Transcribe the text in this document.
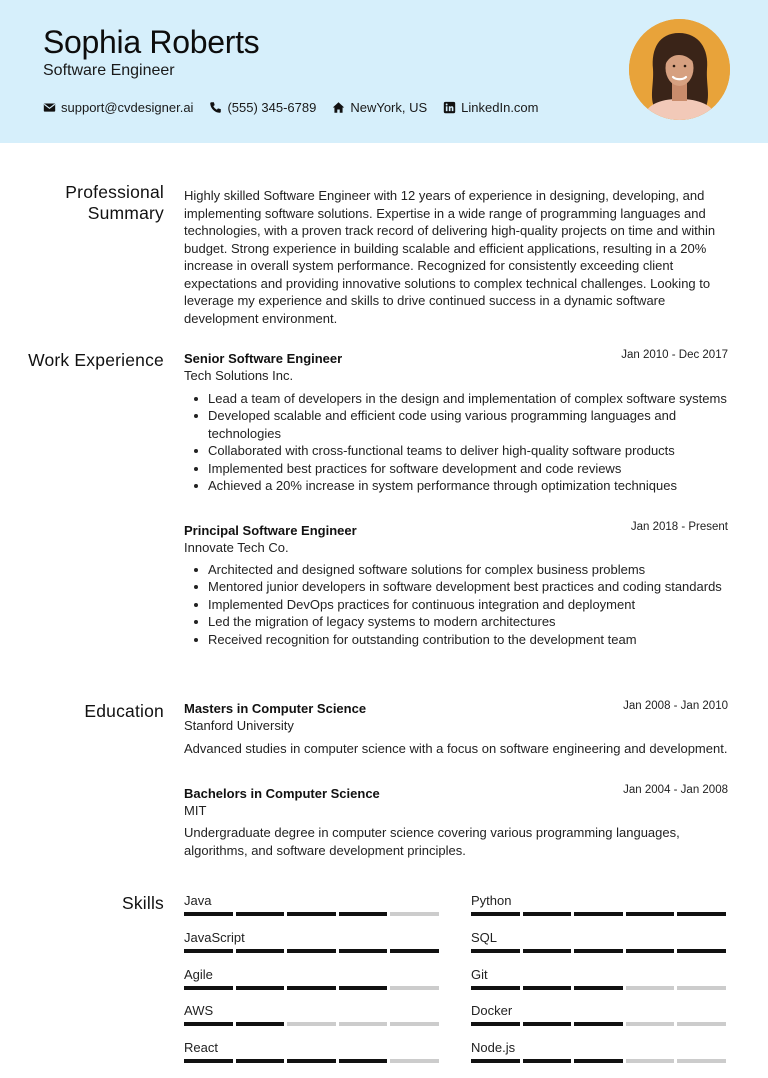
Sophia Roberts
Software Engineer
support@cvdesigner.ai	(555) 345-6789	NewYork, US	LinkedIn.com
Professional Summary
Highly skilled Software Engineer with 12 years of experience in designing, developing, and implementing software solutions. Expertise in a wide range of programming languages and technologies, with a proven track record of delivering high-quality projects on time and within budget. Strong experience in building scalable and efficient applications, resulting in a 20% increase in overall system performance. Recognized for consistently exceeding client expectations and providing innovative solutions to complex technical challenges. Looking to leverage my experience and skills to drive continued success in a dynamic software development environment.
Work Experience Senior Software Engineer	Jan 2010 - Dec 2017
Tech Solutions Inc.
Lead a team of developers in the design and implementation of complex software systems
Developed scalable and efficient code using various programming languages and technologies
Collaborated with cross-functional teams to deliver high-quality software products
Implemented best practices for software development and code reviews
Achieved a 20% increase in system performance through optimization techniques
Principal Software Engineer	Jan 2018 - Present
Innovate Tech Co.
Architected and designed software solutions for complex business problems
Mentored junior developers in software development best practices and coding standards
Implemented DevOps practices for continuous integration and deployment
Led the migration of legacy systems to modern architectures
Received recognition for outstanding contribution to the development team
Education Masters in Computer Science	Jan 2008 - Jan 2010
Stanford University
Advanced studies in computer science with a focus on software engineering and development.
Bachelors in Computer Science	Jan 2004 - Jan 2008
MIT
Undergraduate degree in computer science covering various programming languages, algorithms, and software development principles.
Skills Java	Python
JavaScript	SQL
Agile	Git
AWS	Docker
React	Node.js
